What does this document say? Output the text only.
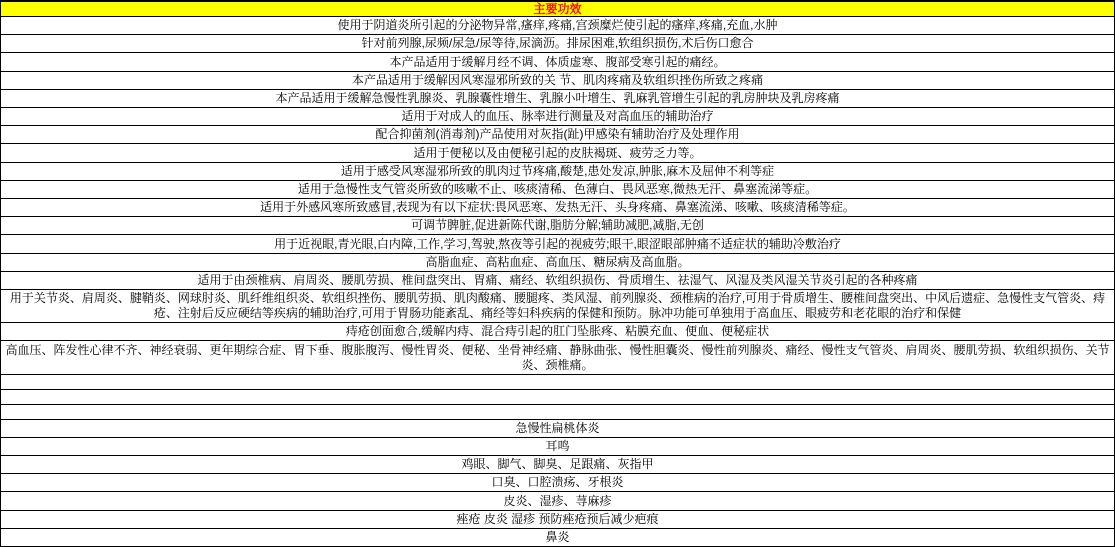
主要功效
使用于阴道炎所引起的分泌物异常,瘙痒,疼痛,宫颈糜烂使引起的瘙痒,疼痛,充血,水肿
针对前列腺,尿频/尿急/尿等待,尿滴沥。排尿困难,软组织损伤,术后伤口愈合
本产品适用于缓解月经不调、体质虚寒、腹部受寒引起的痛经。
本产品适用于缓解因风寒湿邪所致的关 节、肌肉疼痛及软组织挫伤所致之疼痛
本产品适用于缓解急慢性乳腺炎、乳腺囊性增生、乳腺小叶增生、乳麻乳管增生引起的乳房肿块及乳房疼痛
适用于对成人的血压、脉率进行测量及对高血压的辅助治疗
配合抑菌剂(消毒剂)产品使用对灰指(趾)甲感染有辅助治疗及处理作用
适用于便秘以及由便秘引起的皮肤褐斑、疲劳乏力等。
适用于感受风寒湿邪所致的肌肉过节疼痛,酸楚,患处发凉,肿胀,麻木及屈伸不利等症
适用于急慢性支气管炎所致的咳嗽不止、咳痰清稀、色薄白、畏风恶寒,微热无汗、鼻塞流涕等症。
适用于外感风寒所致感冒,表现为有以下症状:畏风恶寒、发热无汗、头身疼痛、鼻塞流涕、咳嗽、咳痰清稀等症。
可调节脾脏,促进新陈代谢,脂肪分解;辅助减肥,减脂,无创
用于近视眼,青光眼,白内障,工作,学习,驾驶,熬夜等引起的视疲劳;眼干,眼涩眼部肿痛不适症状的辅助冷敷治疗
高脂血症、高粘血症、高血压、糖尿病及高血脂。
适用于由颈椎病、肩周炎、腰肌劳损、椎间盘突出、胃痛、痛经、软组织损伤、骨质增生、祛湿气、风湿及类风湿关节炎引起的各种疼痛
用于关节炎、肩周炎、腱鞘炎、网球肘炎、肌纤维组织炎、软组织挫伤、腰肌劳损、肌肉酸痛、腰腿疼、类风湿、前列腺炎、颈椎病的治疗,可用于骨质增生、腰椎间盘突出、中风后遗症、急慢性支气管炎、痔疮、注射后反应硬结等疾病的辅助治疗,可用于胃肠功能紊乱、痛经等妇科疾病的保健和预防。脉冲功能可单独用于高血压、眼疲劳和老花眼的治疗和保健
痔疮创面愈合,缓解内痔、混合痔引起的肛门坠胀疼、粘膜充血、便血、便秘症状
高血压、阵发性心律不齐、神经衰弱、更年期综合症、胃下垂、腹胀腹泻、慢性胃炎、便秘、坐骨神经痛、静脉曲张、慢性胆囊炎、慢性前列腺炎、痛经、慢性支气管炎、肩周炎、腰肌劳损、软组织损伤、关节炎、颈椎痛。
急慢性扁桃体炎
耳鸣
鸡眼、脚气、脚臭、足跟痛、灰指甲
口臭、口腔溃疡、牙根炎
皮炎、湿疹、荨麻疹
痤疮 皮炎 湿疹 预防痤疮预后减少疤痕
鼻炎
